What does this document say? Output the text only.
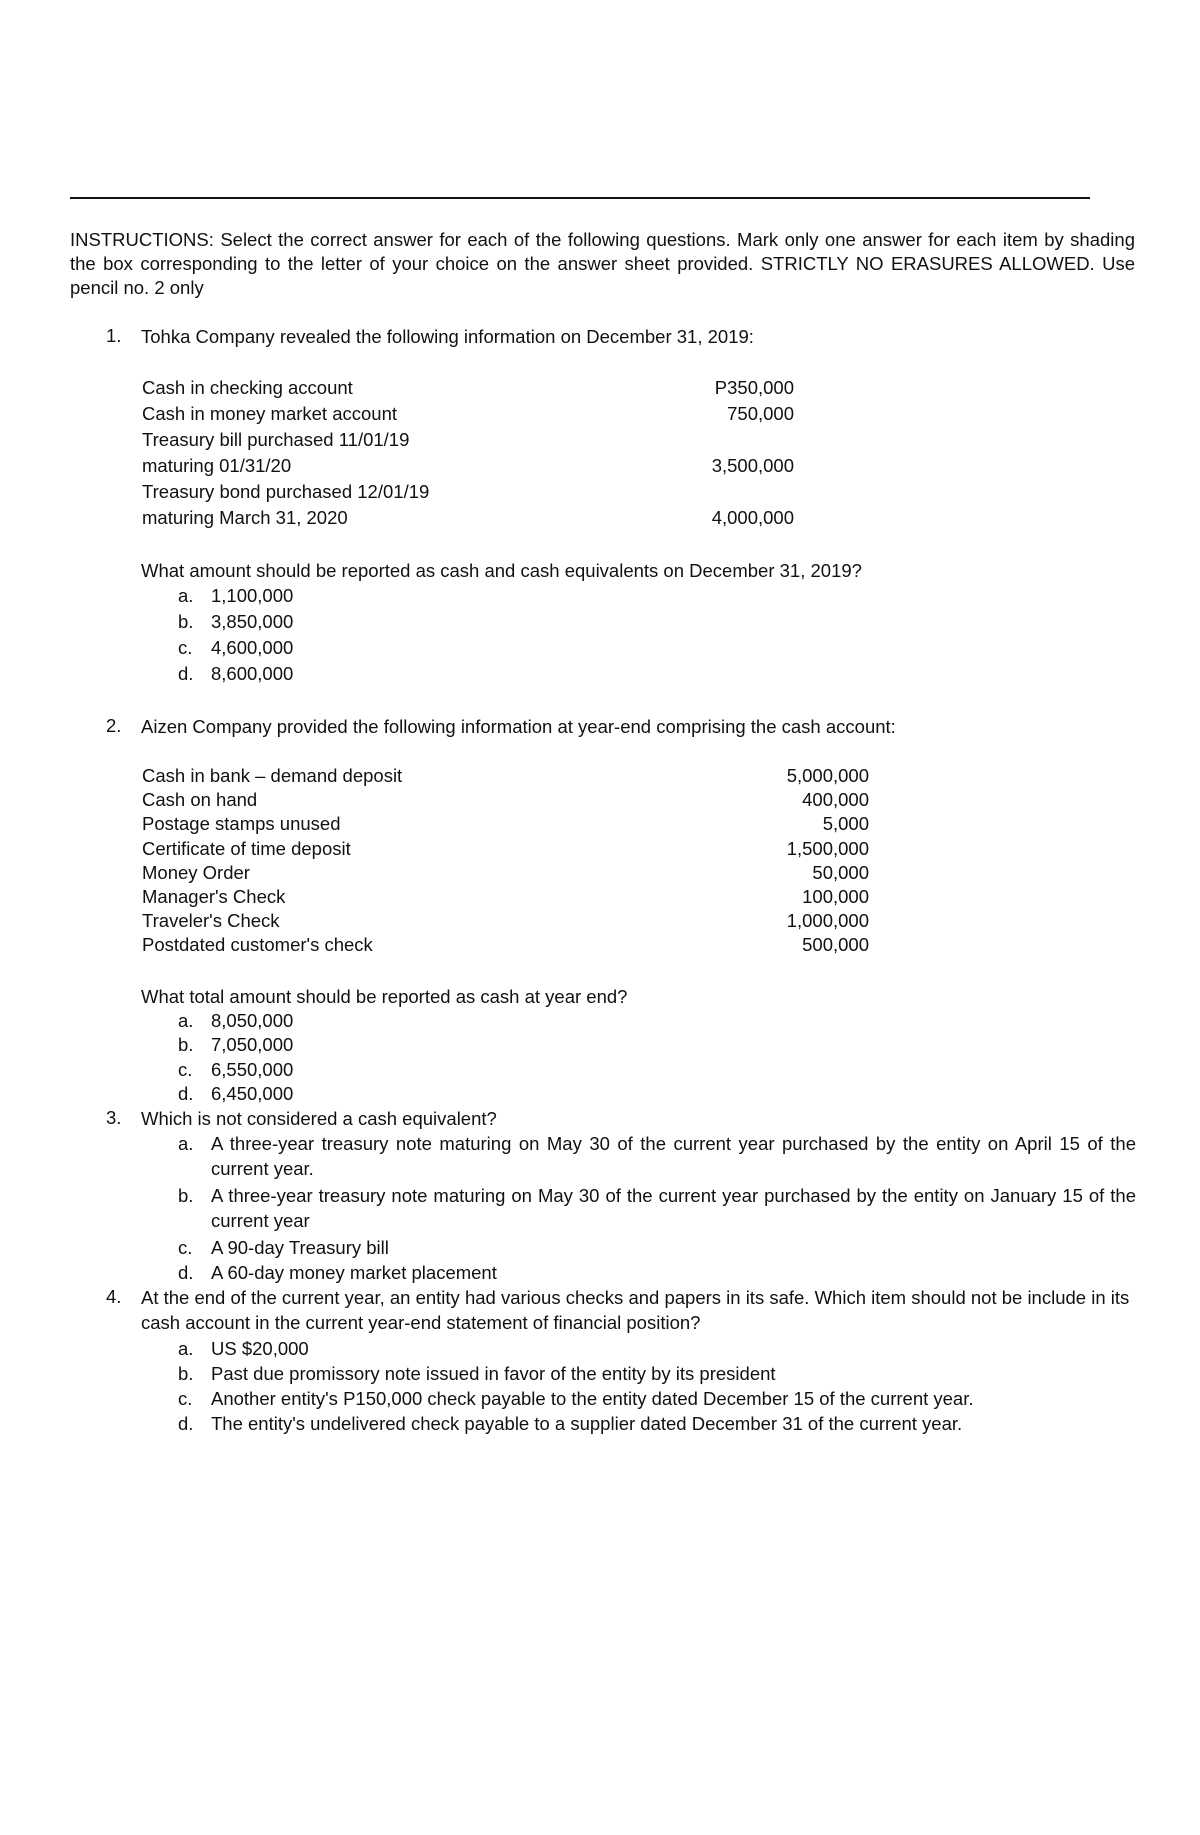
INSTRUCTIONS: Select the correct answer for each of the following questions. Mark only one answer for each item by shading the box corresponding to the letter of your choice on the answer sheet provided. STRICTLY NO ERASURES ALLOWED. Use pencil no. 2 only

1. Tohka Company revealed the following information on December 31, 2019:
Cash in checking account	P350,000
Cash in money market account	750,000
Treasury bill purchased 11/01/19
maturing 01/31/20	3,500,000
Treasury bond purchased 12/01/19
maturing March 31, 2020	4,000,000
What amount should be reported as cash and cash equivalents on December 31, 2019?
a. 1,100,000
b. 3,850,000
c. 4,600,000
d. 8,600,000
2. Aizen Company provided the following information at year-end comprising the cash account:
Cash in bank – demand deposit	5,000,000
Cash on hand	400,000
Postage stamps unused	5,000
Certificate of time deposit	1,500,000
Money Order	50,000
Manager's Check	100,000
Traveler's Check	1,000,000
Postdated customer's check	500,000
What total amount should be reported as cash at year end?
a. 8,050,000
b. 7,050,000
c. 6,550,000
d. 6,450,000
3. Which is not considered a cash equivalent?
a. A three-year treasury note maturing on May 30 of the current year purchased by the entity on April 15 of the current year.
b. A three-year treasury note maturing on May 30 of the current year purchased by the entity on January 15 of the current year
c. A 90-day Treasury bill
d. A 60-day money market placement
4. At the end of the current year, an entity had various checks and papers in its safe. Which item should not be include in its cash account in the current year-end statement of financial position?
a. US $20,000
b. Past due promissory note issued in favor of the entity by its president
c. Another entity's P150,000 check payable to the entity dated December 15 of the current year.
d. The entity's undelivered check payable to a supplier dated December 31 of the current year.
